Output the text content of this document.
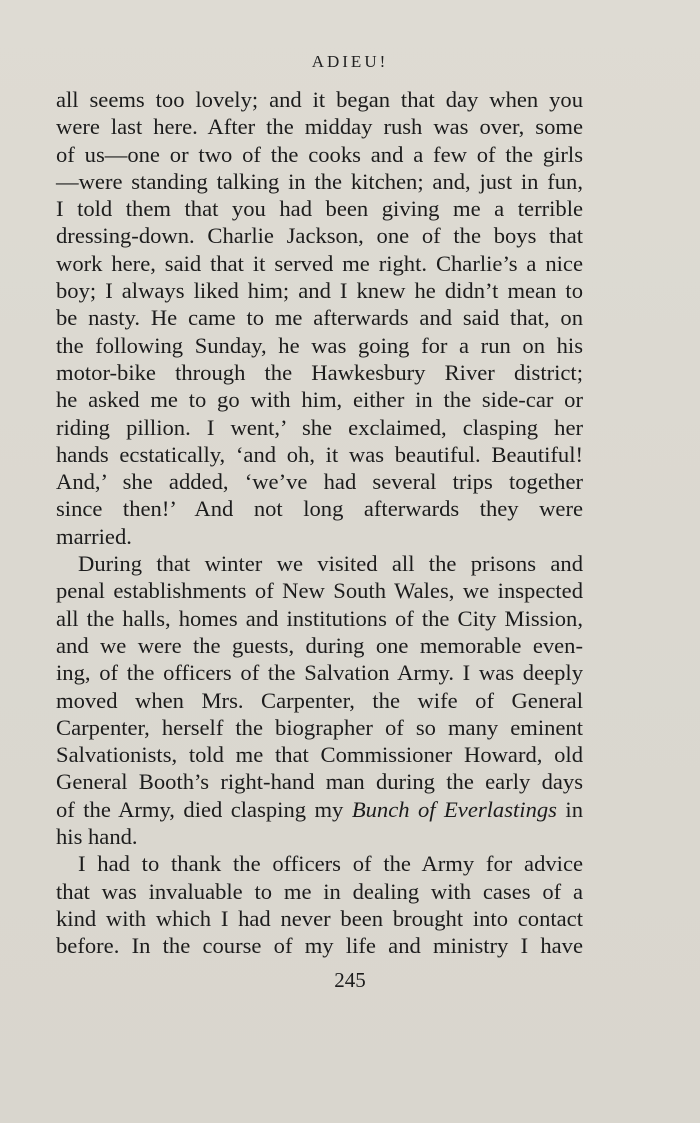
ADIEU!
all seems too lovely; and it began that day when you
were last here. After the midday rush was over, some
of us—one or two of the cooks and a few of the girls
—were standing talking in the kitchen; and, just in fun,
I told them that you had been giving me a terrible
dressing-down. Charlie Jackson, one of the boys that
work here, said that it served me right. Charlie’s a nice
boy; I always liked him; and I knew he didn’t mean to
be nasty. He came to me afterwards and said that, on
the following Sunday, he was going for a run on his
motor-bike through the Hawkesbury River district;
he asked me to go with him, either in the side-car or
riding pillion. I went,’ she exclaimed, clasping her
hands ecstatically, ‘and oh, it was beautiful. Beautiful!
And,’ she added, ‘we’ve had several trips together
since then!’ And not long afterwards they were
married.
During that winter we visited all the prisons and
penal establishments of New South Wales, we inspected
all the halls, homes and institutions of the City Mission,
and we were the guests, during one memorable even-
ing, of the officers of the Salvation Army. I was deeply
moved when Mrs. Carpenter, the wife of General
Carpenter, herself the biographer of so many eminent
Salvationists, told me that Commissioner Howard, old
General Booth’s right-hand man during the early days
of the Army, died clasping my Bunch of Everlastings in
his hand.
I had to thank the officers of the Army for advice
that was invaluable to me in dealing with cases of a
kind with which I had never been brought into contact
before. In the course of my life and ministry I have
245
